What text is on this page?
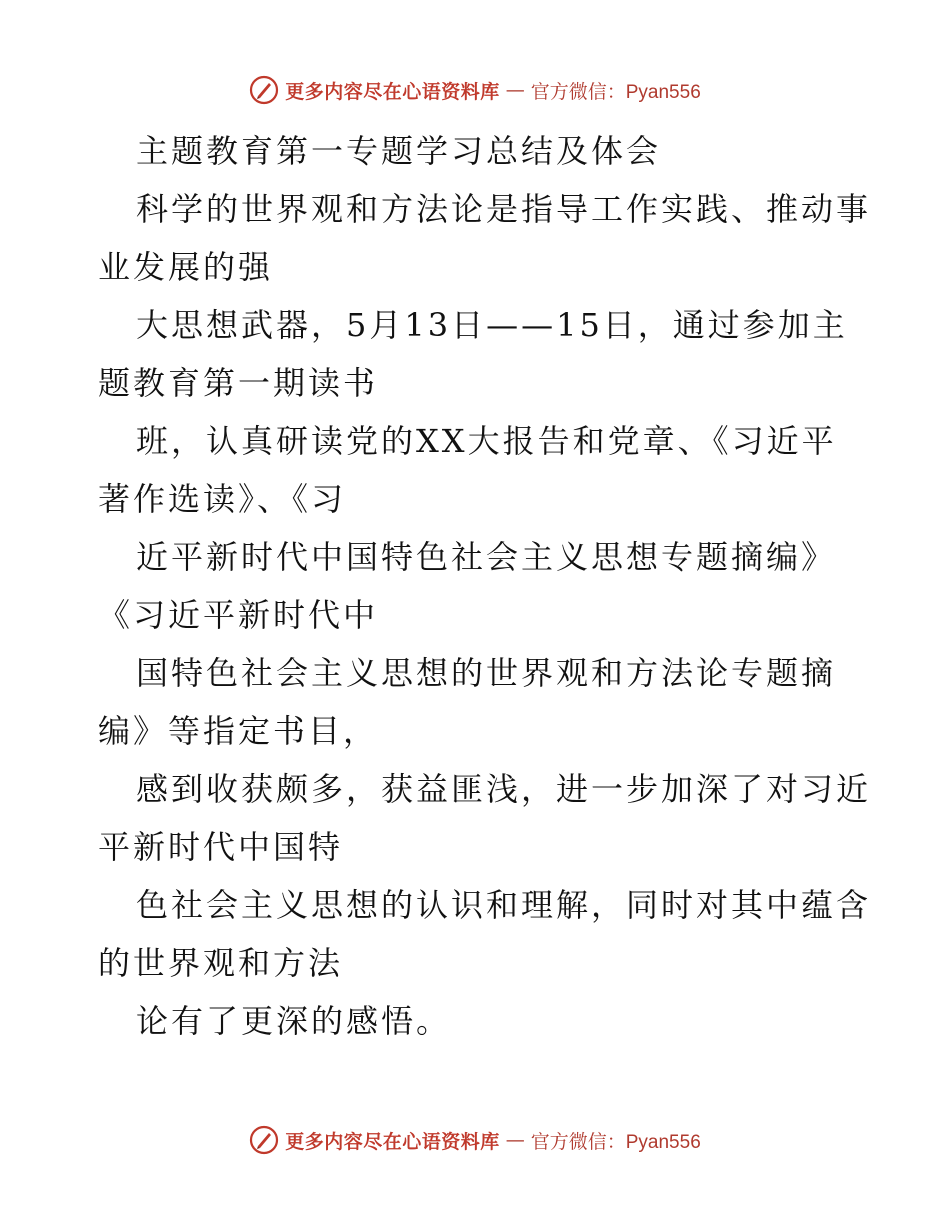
更多内容尽在心语资料库 — 官方微信：Pyan556
主题教育第一专题学习总结及体会
科学的世界观和方法论是指导工作实践、推动事
业发展的强
大思想武器，5月13日——15日，通过参加主
题教育第一期读书
班，认真研读党的XX大报告和党章、《习近平
著作选读》、《习
近平新时代中国特色社会主义思想专题摘编》
《习近平新时代中
国特色社会主义思想的世界观和方法论专题摘
编》等指定书目，
感到收获颇多，获益匪浅，进一步加深了对习近
平新时代中国特
色社会主义思想的认识和理解，同时对其中蕴含
的世界观和方法
论有了更深的感悟。
更多内容尽在心语资料库 — 官方微信：Pyan556
